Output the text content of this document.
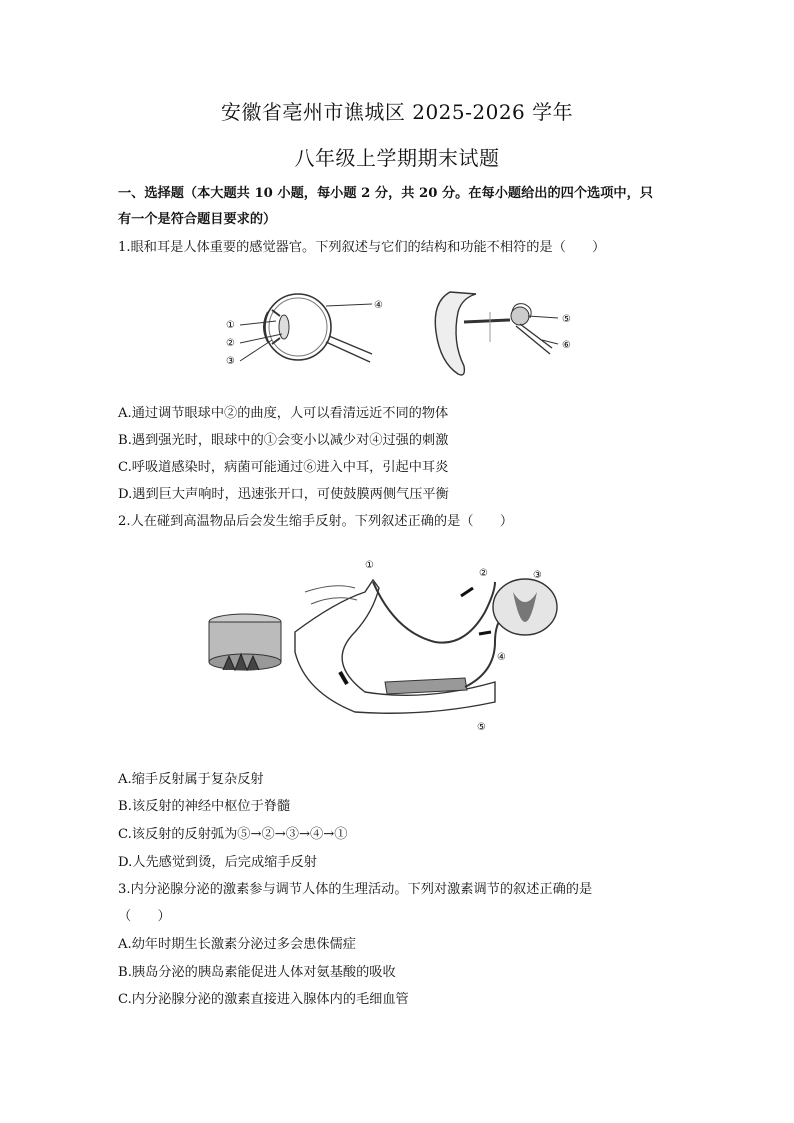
安徽省亳州市谯城区 2025-2026 学年
八年级上学期期末试题
一、选择题（本大题共 10 小题，每小题 2 分，共 20 分。在每小题给出的四个选项中，只
有一个是符合题目要求的）
1.眼和耳是人体重要的感觉器官。下列叙述与它们的结构和功能不相符的是（　　）
④
①
②
③
⑤
⑥
A.通过调节眼球中②的曲度，人可以看清远近不同的物体
B.遇到强光时，眼球中的①会变小以减少对④过强的刺激
C.呼吸道感染时，病菌可能通过⑥进入中耳，引起中耳炎
D.遇到巨大声响时，迅速张开口，可使鼓膜两侧气压平衡
2.人在碰到高温物品后会发生缩手反射。下列叙述正确的是（　　）
①
②	③
④
⑤
A.缩手反射属于复杂反射
B.该反射的神经中枢位于脊髓
C.该反射的反射弧为⑤→②→③→④→①
D.人先感觉到烫，后完成缩手反射
3.内分泌腺分泌的激素参与调节人体的生理活动。下列对激素调节的叙述正确的是
（　　）
A.幼年时期生长激素分泌过多会患侏儒症
B.胰岛分泌的胰岛素能促进人体对氨基酸的吸收
C.内分泌腺分泌的激素直接进入腺体内的毛细血管
